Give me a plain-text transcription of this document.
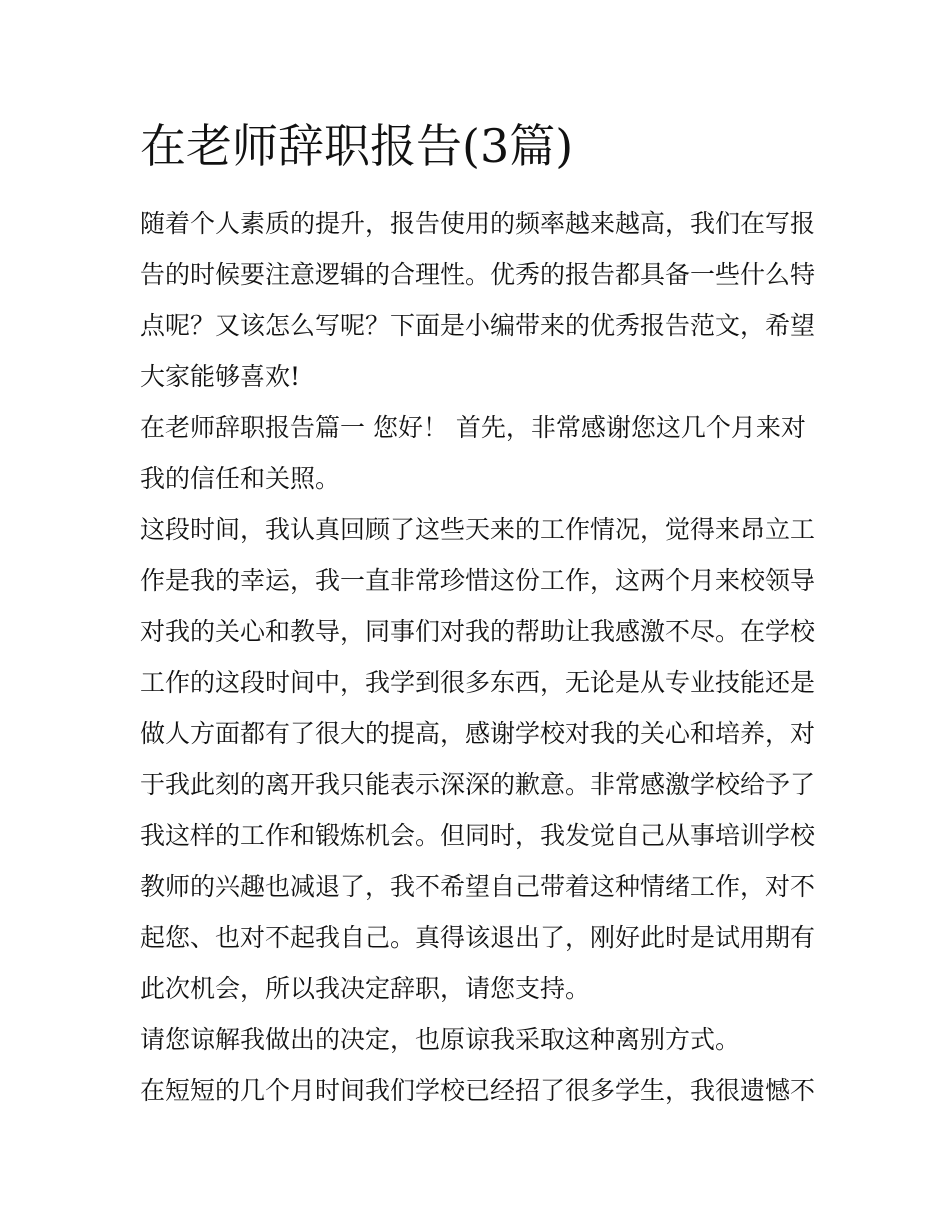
在老师辞职报告(3篇)
随着个人素质的提升，报告使用的频率越来越高，我们在写报
告的时候要注意逻辑的合理性。优秀的报告都具备一些什么特
点呢？又该怎么写呢？下面是小编带来的优秀报告范文，希望
大家能够喜欢!
在老师辞职报告篇一 您好！ 首先，非常感谢您这几个月来对
我的信任和关照。
这段时间，我认真回顾了这些天来的工作情况，觉得来昂立工
作是我的幸运，我一直非常珍惜这份工作，这两个月来校领导
对我的关心和教导，同事们对我的帮助让我感激不尽。在学校
工作的这段时间中，我学到很多东西，无论是从专业技能还是
做人方面都有了很大的提高，感谢学校对我的关心和培养，对
于我此刻的离开我只能表示深深的歉意。非常感激学校给予了
我这样的工作和锻炼机会。但同时，我发觉自己从事培训学校
教师的兴趣也减退了，我不希望自己带着这种情绪工作，对不
起您、也对不起我自己。真得该退出了，刚好此时是试用期有
此次机会，所以我决定辞职，请您支持。
请您谅解我做出的决定，也原谅我采取这种离别方式。
在短短的几个月时间我们学校已经招了很多学生，我很遗憾不
